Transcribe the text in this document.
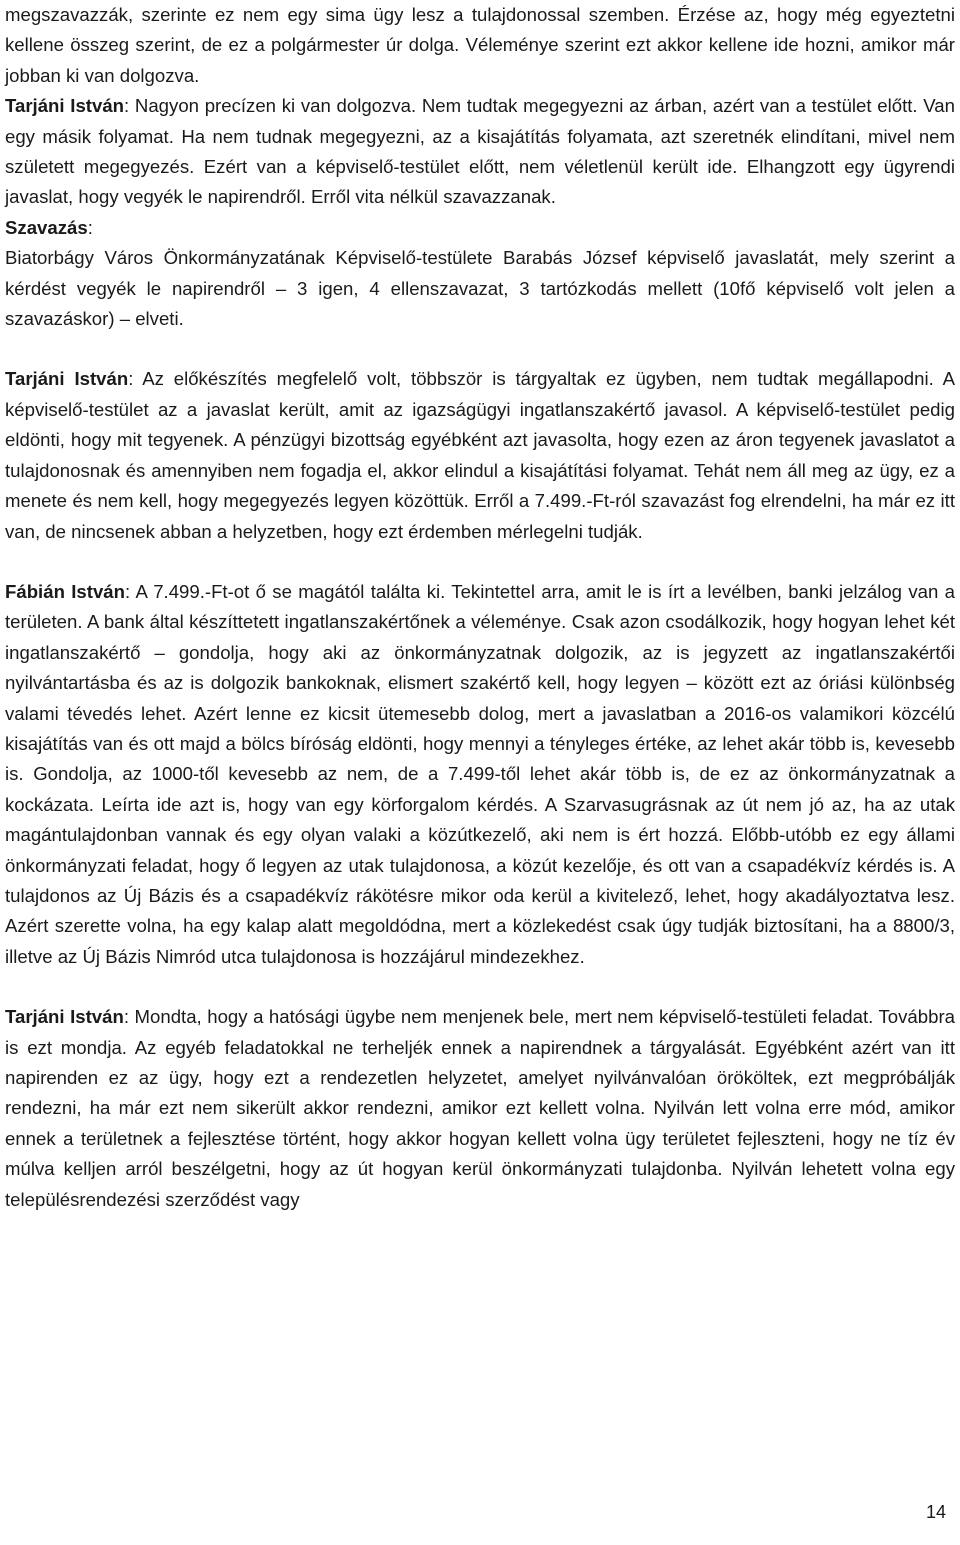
megszavazzák, szerinte ez nem egy sima ügy lesz a tulajdonossal szemben. Érzése az, hogy még egyeztetni kellene összeg szerint, de ez a polgármester úr dolga. Véleménye szerint ezt akkor kellene ide hozni, amikor már jobban ki van dolgozva.

Tarjáni István: Nagyon precízen ki van dolgozva. Nem tudtak megegyezni az árban, azért van a testület előtt. Van egy másik folyamat. Ha nem tudnak megegyezni, az a kisajátítás folyamata, azt szeretnék elindítani, mivel nem született megegyezés. Ezért van a képviselő-testület előtt, nem véletlenül került ide. Elhangzott egy ügyrendi javaslat, hogy vegyék le napirendről. Erről vita nélkül szavazzanak.

Szavazás:

Biatorbágy Város Önkormányzatának Képviselő-testülete Barabás József képviselő javaslatát, mely szerint a kérdést vegyék le napirendről – 3 igen, 4 ellenszavazat, 3 tartózkodás mellett (10fő képviselő volt jelen a szavazáskor) – elveti.

Tarjáni István: Az előkészítés megfelelő volt, többször is tárgyaltak ez ügyben, nem tudtak megállapodni. A képviselő-testület az a javaslat került, amit az igazságügyi ingatlanszakértő javasol. A képviselő-testület pedig eldönti, hogy mit tegyenek. A pénzügyi bizottság egyébként azt javasolta, hogy ezen az áron tegyenek javaslatot a tulajdonosnak és amennyiben nem fogadja el, akkor elindul a kisajátítási folyamat. Tehát nem áll meg az ügy, ez a menete és nem kell, hogy megegyezés legyen közöttük. Erről a 7.499.-Ft-ról szavazást fog elrendelni, ha már ez itt van, de nincsenek abban a helyzetben, hogy ezt érdemben mérlegelni tudják.

Fábián István: A 7.499.-Ft-ot ő se magától találta ki. Tekintettel arra, amit le is írt a levélben, banki jelzálog van a területen. A bank által készíttetett ingatlanszakértőnek a véleménye. Csak azon csodálkozik, hogy hogyan lehet két ingatlanszakértő – gondolja, hogy aki az önkormányzatnak dolgozik, az is jegyzett az ingatlanszakértői nyilvántartásba és az is dolgozik bankoknak, elismert szakértő kell, hogy legyen – között ezt az óriási különbség valami tévedés lehet. Azért lenne ez kicsit ütemesebb dolog, mert a javaslatban a 2016-os valamikori közcélú kisajátítás van és ott majd a bölcs bíróság eldönti, hogy mennyi a tényleges értéke, az lehet akár több is, kevesebb is. Gondolja, az 1000-től kevesebb az nem, de a 7.499-től lehet akár több is, de ez az önkormányzatnak a kockázata. Leírta ide azt is, hogy van egy körforgalom kérdés. A Szarvasugrásnak az út nem jó az, ha az utak magántulajdonban vannak és egy olyan valaki a közútkezelő, aki nem is ért hozzá. Előbb-utóbb ez egy állami önkormányzati feladat, hogy ő legyen az utak tulajdonosa, a közút kezelője, és ott van a csapadékvíz kérdés is. A tulajdonos az Új Bázis és a csapadékvíz rákötésre mikor oda kerül a kivitelező, lehet, hogy akadályoztatva lesz. Azért szerette volna, ha egy kalap alatt megoldódna, mert a közlekedést csak úgy tudják biztosítani, ha a 8800/3, illetve az Új Bázis Nimród utca tulajdonosa is hozzájárul mindezekhez.

Tarjáni István: Mondta, hogy a hatósági ügybe nem menjenek bele, mert nem képviselő-testületi feladat. Továbbra is ezt mondja. Az egyéb feladatokkal ne terheljék ennek a napirendnek a tárgyalását. Egyébként azért van itt napirenden ez az ügy, hogy ezt a rendezetlen helyzetet, amelyet nyilvánvalóan örököltek, ezt megpróbálják rendezni, ha már ezt nem sikerült akkor rendezni, amikor ezt kellett volna. Nyilván lett volna erre mód, amikor ennek a területnek a fejlesztése történt, hogy akkor hogyan kellett volna ügy területet fejleszteni, hogy ne tíz év múlva kelljen arról beszélgetni, hogy az út hogyan kerül önkormányzati tulajdonba. Nyilván lehetett volna egy településrendezési szerződést vagy

14
